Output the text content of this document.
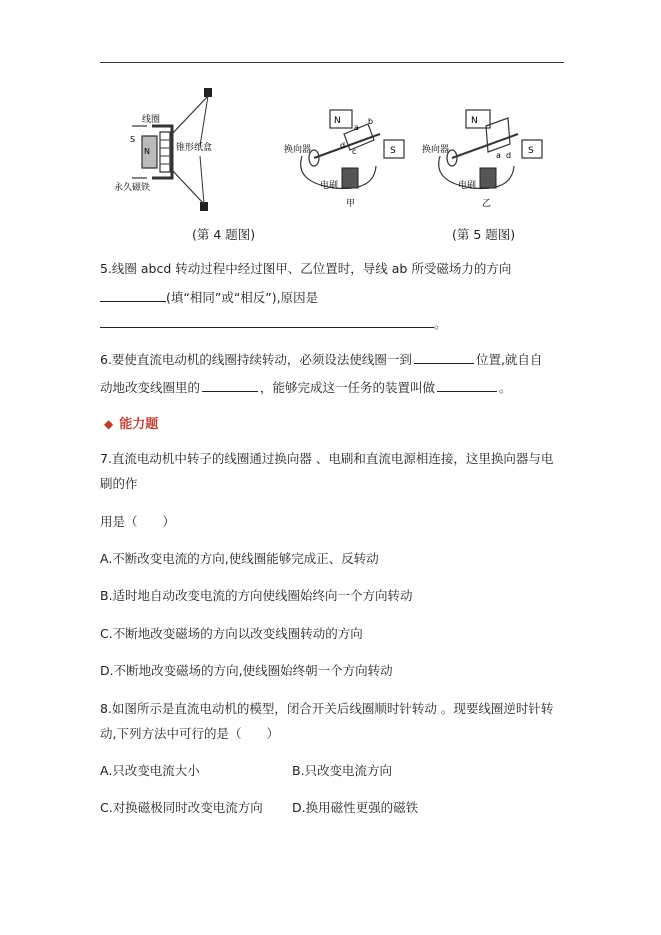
线圈
N
S
锥形纸盒
永久磁铁
N
S
b
a
d
c
换向器
电刷
甲
N
S
a d
换向器
电刷
乙
(第 4 题图)	(第 5 题图)
5.线圈 abcd 转动过程中经过图甲、乙位置时，导线 ab 所受磁场力的方向
(填“相同”或“相反”),原因是
。
6.要使直流电动机的线圈持续转动，必须设法使线圈一到	位置,就自自
动地改变线圈里的	，能够完成这一任务的装置叫做	。
◆ 能力题
7.直流电动机中转子的线圈通过换向器 、电刷和直流电源相连接，这里换向器与电
刷的作
用是（　　）
A.不断改变电流的方向,使线圈能够完成正、反转动
B.适时地自动改变电流的方向使线圈始终向一个方向转动
C.不断地改变磁场的方向以改变线圈转动的方向
D.不断地改变磁场的方向,使线圈始终朝一个方向转动
8.如图所示是直流电动机的模型，闭合开关后线圈顺时针转动 。现要线圈逆时针转
动,下列方法中可行的是（　　）
A.只改变电流大小	B.只改变电流方向
C.对换磁极同时改变电流方向 D.换用磁性更强的磁铁
